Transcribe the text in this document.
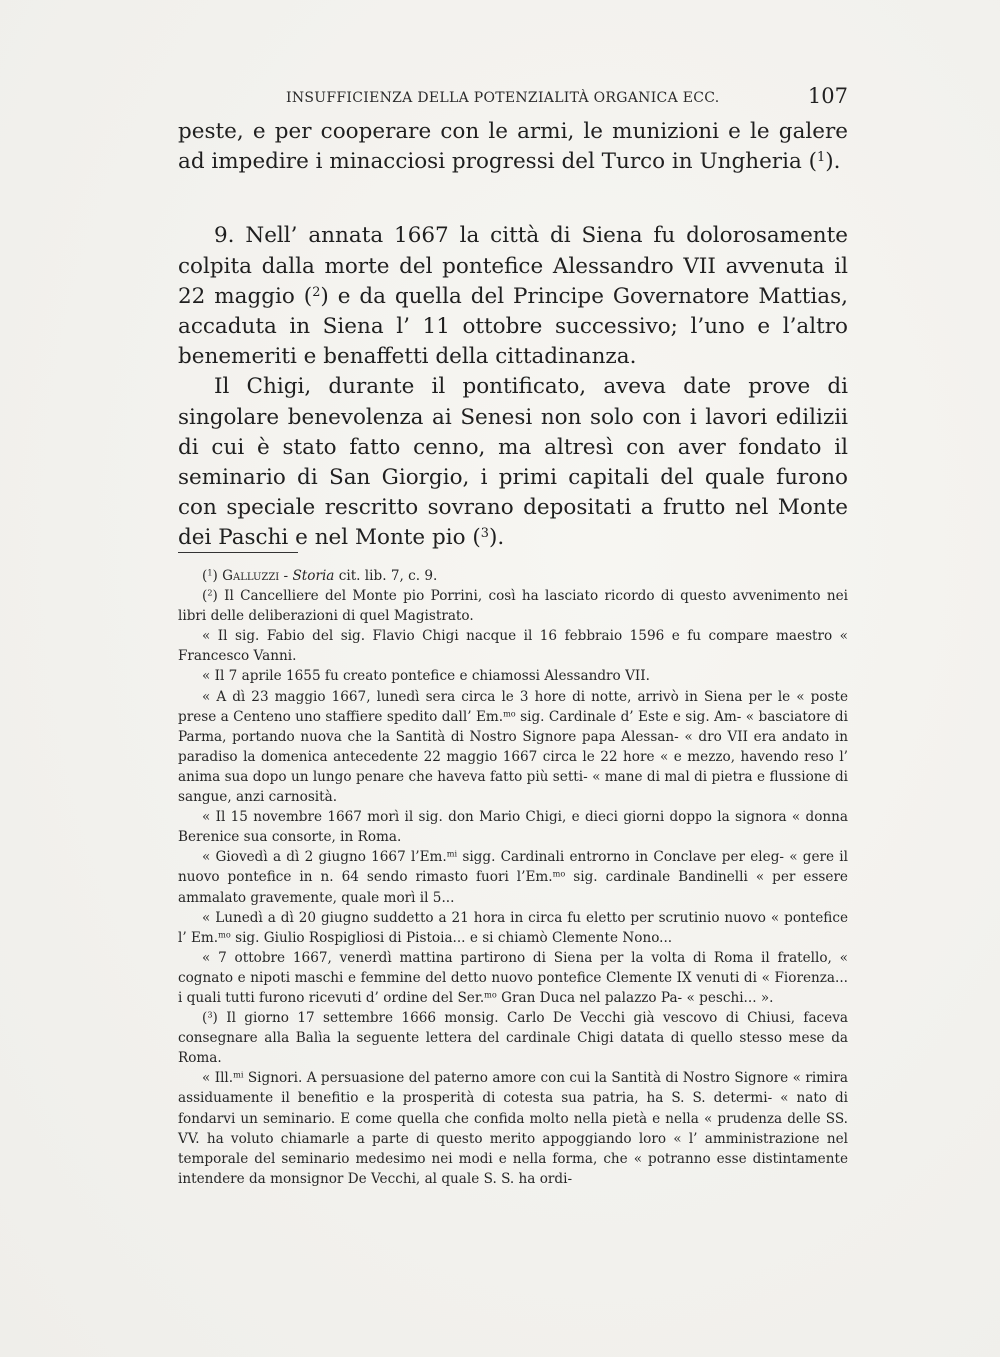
INSUFFICIENZA DELLA POTENZIALITÀ ORGANICA ECC.	107

peste, e per cooperare con le armi, le munizioni e le galere ad impedire i minacciosi progressi del Turco in Ungheria ($^1$).

9. Nell’ annata 1667 la città di Siena fu dolorosamente colpita dalla morte del pontefice Alessandro VII avvenuta il 22 maggio ($^2$) e da quella del Principe Governatore Mattias, accaduta in Siena l’ 11 ottobre successivo; l’uno e l’altro benemeriti e benaffetti della cittadinanza.

Il Chigi, durante il pontificato, aveva date prove di singolare benevolenza ai Senesi non solo con i lavori edilizii di cui è stato fatto cenno, ma altresì con aver fondato il seminario di San Giorgio, i primi capitali del quale furono con speciale rescritto sovrano depositati a frutto nel Monte dei Paschi e nel Monte pio ($^3$).

($^1$) Galluzzi - Storia cit. lib. 7, c. 9.

($^2$) Il Cancelliere del Monte pio Porrini, così ha lasciato ricordo di questo avvenimento nei libri delle deliberazioni di quel Magistrato.

« Il sig. Fabio del sig. Flavio Chigi nacque il 16 febbraio 1596 e fu compare maestro « Francesco Vanni.

« Il 7 aprile 1655 fu creato pontefice e chiamossi Alessandro VII.

« A dì 23 maggio 1667, lunedì sera circa le 3 hore di notte, arrivò in Siena per le « poste prese a Centeno uno staffiere spedito dall’ Em.$^{mo}$ sig. Cardinale d’ Este e sig. Am- « basciatore di Parma, portando nuova che la Santità di Nostro Signore papa Alessan- « dro VII era andato in paradiso la domenica antecedente 22 maggio 1667 circa le 22 hore « e mezzo, havendo reso l’ anima sua dopo un lungo penare che haveva fatto più setti- « mane di mal di pietra e flussione di sangue, anzi carnosità.

« Il 15 novembre 1667 morì il sig. don Mario Chigi, e dieci giorni doppo la signora « donna Berenice sua consorte, in Roma.

« Giovedì a dì 2 giugno 1667 l’Em.$^{mi}$ sigg. Cardinali entrorno in Conclave per eleg- « gere il nuovo pontefice in n. 64 sendo rimasto fuori l’Em.$^{mo}$ sig. cardinale Bandinelli « per essere ammalato gravemente, quale morì il 5...

« Lunedì a dì 20 giugno suddetto a 21 hora in circa fu eletto per scrutinio nuovo « pontefice l’ Em.$^{mo}$ sig. Giulio Rospigliosi di Pistoia... e si chiamò Clemente Nono...

« 7 ottobre 1667, venerdì mattina partirono di Siena per la volta di Roma il fratello, « cognato e nipoti maschi e femmine del detto nuovo pontefice Clemente IX venuti di « Fiorenza... i quali tutti furono ricevuti d’ ordine del Ser.$^{mo}$ Gran Duca nel palazzo Pa- « peschi... ».

($^3$) Il giorno 17 settembre 1666 monsig. Carlo De Vecchi già vescovo di Chiusi, faceva consegnare alla Balìa la seguente lettera del cardinale Chigi datata di quello stesso mese da Roma.

« Ill.$^{mi}$ Signori. A persuasione del paterno amore con cui la Santità di Nostro Signore « rimira assiduamente il benefitio e la prosperità di cotesta sua patria, ha S. S. determi- « nato di fondarvi un seminario. E come quella che confida molto nella pietà e nella « prudenza delle SS. VV. ha voluto chiamarle a parte di questo merito appoggiando loro « l’ amministrazione nel temporale del seminario medesimo nei modi e nella forma, che « potranno esse distintamente intendere da monsignor De Vecchi, al quale S. S. ha ordi-
